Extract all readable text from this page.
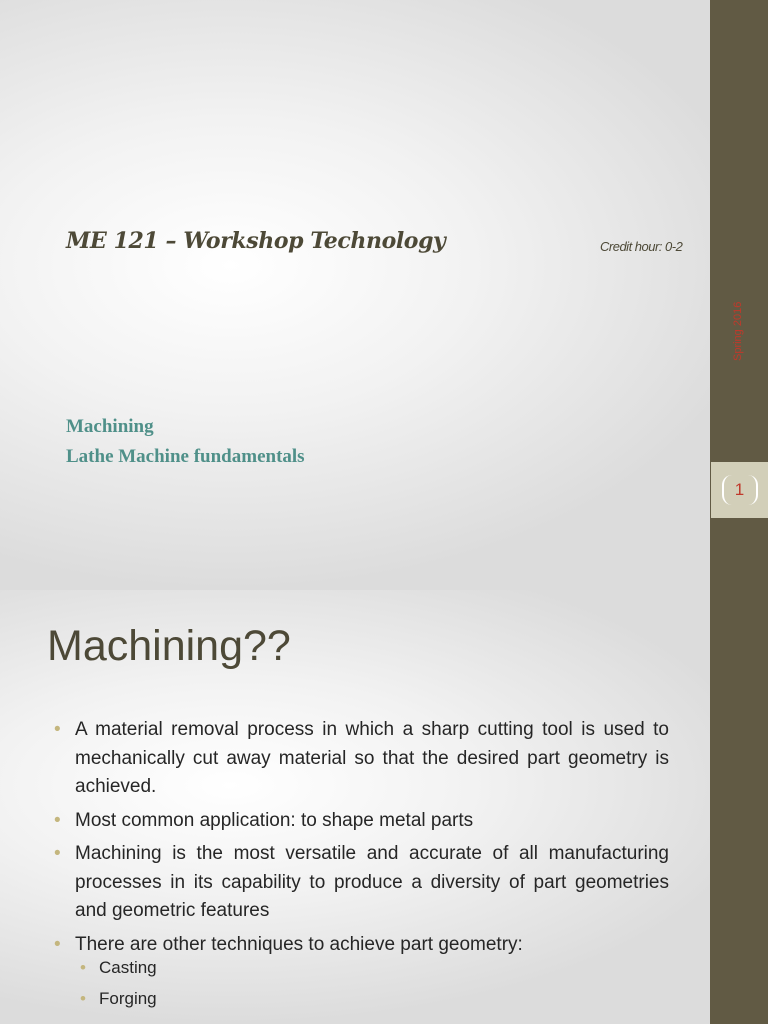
Spring 2016
1
ME 121 – Workshop Technology	Credit hour: 0-2
Machining
Lathe Machine fundamentals
Machining??
• A material removal process in which a sharp cutting tool is used to mechanically cut away material so that the desired part geometry is achieved.
• Most common application: to shape metal parts
• Machining is the most versatile and accurate of all manufacturing processes in its capability to produce a diversity of part geometries and geometric features
• There are other techniques to achieve part geometry:
• Casting
• Forging
